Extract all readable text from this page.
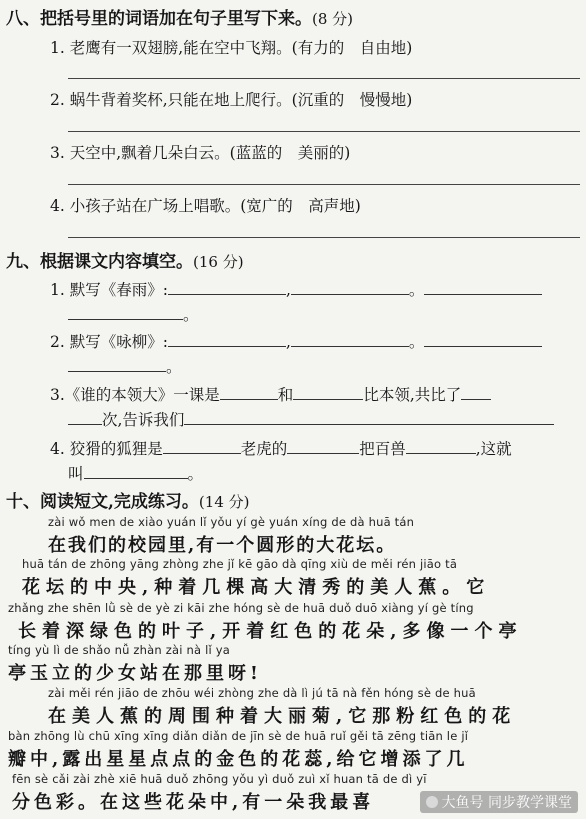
八、把括号里的词语加在句子里写下来。(8 分)
1. 老鹰有一双翅膀,能在空中飞翔。(有力的　自由地)
2. 蜗牛背着奖杯,只能在地上爬行。(沉重的　慢慢地)
3. 天空中,飘着几朵白云。(蓝蓝的　美丽的)
4. 小孩子站在广场上唱歌。(宽广的　高声地)
九、根据课文内容填空。(16 分)
1. 默写《春雨》:	,	。
。
2. 默写《咏柳》:	,	。
。
3.《谁的本领大》一课是	和	比本领,共比了
次,告诉我们
4. 狡猾的狐狸是	老虎的	把百兽	,这就
叫	。
十、阅读短文,完成练习。(14 分)
zài wǒ men de xiào yuán lǐ yǒu yí gè yuán xíng de dà huā tán
在我们的校园里,有一个圆形的大花坛。
huā tán de zhōng yāng zhòng zhe jǐ kē gāo dà qīng xiù de měi rén jiāo tā
花坛的中央,种着几棵高大清秀的美人蕉。它
zhǎng zhe shēn lǜ sè de yè zi kāi zhe hóng sè de huā duǒ duō xiàng yí gè tíng
长着深绿色的叶子,开着红色的花朵,多像一个亭
tíng yù lì de shǎo nǚ zhàn zài nà lǐ ya
亭玉立的少女站在那里呀!
zài měi rén jiāo de zhōu wéi zhòng zhe dà lì jú tā nà fěn hóng sè de huā
在美人蕉的周围种着大丽菊,它那粉红色的花
bàn zhōng lù chū xīng xīng diǎn diǎn de jīn sè de huā ruǐ gěi tā zēng tiān le jǐ
瓣中,露出星星点点的金色的花蕊,给它增添了几
fēn sè cǎi zài zhè xiē huā duǒ zhōng yǒu yì duǒ zuì xǐ huan tā de dì yī
分色彩。在这些花朵中,有一朵我最喜	大鱼号 同步教学课堂
